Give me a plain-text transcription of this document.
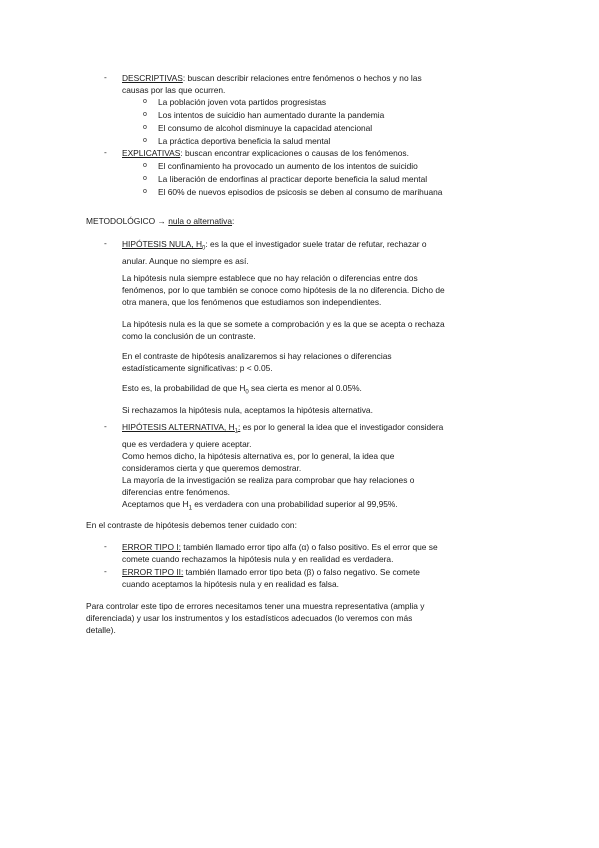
-	DESCRIPTIVAS: buscan describir relaciones entre fenómenos o hechos y no las

causas por las que ocurren.

o La población joven vota partidos progresistas
o Los intentos de suicidio han aumentado durante la pandemia
o El consumo de alcohol disminuye la capacidad atencional
o La práctica deportiva beneficia la salud mental
-	EXPLICATIVAS: buscan encontrar explicaciones o causas de los fenómenos.

o El confinamiento ha provocado un aumento de los intentos de suicidio
o La liberación de endorfinas al practicar deporte beneficia la salud mental
o El 60% de nuevos episodios de psicosis se deben al consumo de marihuana
METODOLÓGICO → nula o alternativa:
-	HIPÓTESIS NULA, $H_0$: es la que el investigador suele tratar de refutar, rechazar o

anular. Aunque no siempre es así.

La hipótesis nula siempre establece que no hay relación o diferencias entre dos

fenómenos, por lo que también se conoce como hipótesis de la no diferencia. Dicho de

otra manera, que los fenómenos que estudiamos son independientes.

La hipótesis nula es la que se somete a comprobación y es la que se acepta o rechaza

como la conclusión de un contraste.

En el contraste de hipótesis analizaremos si hay relaciones o diferencias

estadísticamente significativas: p < 0.05.

Esto es, la probabilidad de que $H_0$ sea cierta es menor al 0.05%.

Si rechazamos la hipótesis nula, aceptamos la hipótesis alternativa.

-	HIPÓTESIS ALTERNATIVA, $H_1$: es por lo general la idea que el investigador considera

que es verdadera y quiere aceptar.

Como hemos dicho, la hipótesis alternativa es, por lo general, la idea que

consideramos cierta y que queremos demostrar.

La mayoría de la investigación se realiza para comprobar que hay relaciones o

diferencias entre fenómenos.

Aceptamos que $H_1$ es verdadera con una probabilidad superior al 99,95%.

En el contraste de hipótesis debemos tener cuidado con:
-	ERROR TIPO I: también llamado error tipo alfa (α) o falso positivo. Es el error que se

comete cuando rechazamos la hipótesis nula y en realidad es verdadera.

-	ERROR TIPO II: también llamado error tipo beta (β) o falso negativo. Se comete

cuando aceptamos la hipótesis nula y en realidad es falsa.

Para controlar este tipo de errores necesitamos tener una muestra representativa (amplia y

diferenciada) y usar los instrumentos y los estadísticos adecuados (lo veremos con más

detalle).
